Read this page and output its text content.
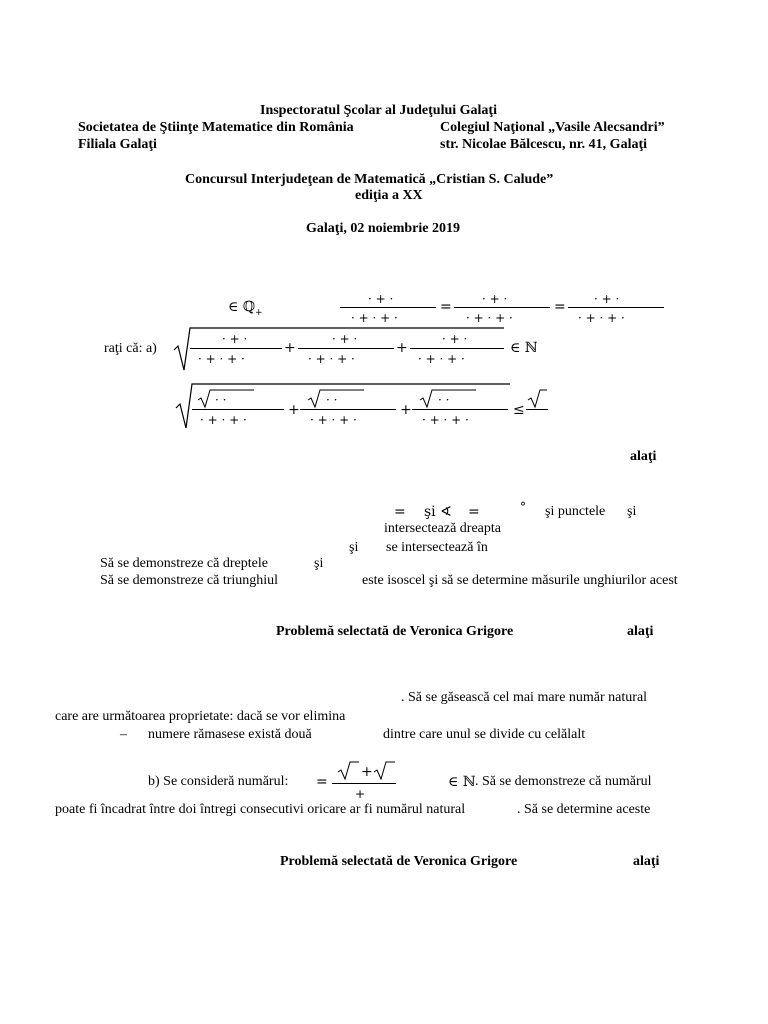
Inspectoratul Şcolar al Judeţului Galaţi
Societatea de Ştiinţe Matematice din România	Colegiul Naţional „Vasile Alecsandri”
Filiala Galaţi	str. Nicolae Bălcescu, nr. 41, Galaţi
Concursul Interjudeţean de Matematică „Cristian S. Calude”
ediţia a XX
Galaţi, 02 noiembrie 2019
∈ ℚ$_+$
· + ·
· + · + ·
=	· + ·
· + · + ·
= · + ·
· + · + ·
raţi că: a)
· + ·
· + · + ·
+
· + ·
· + · + ·
+
· + ·
· + · + ·
∈ ℕ
· ·
· + · + ·
+
· ·
· + · + ·
+
· ·
· + · + ·
≤
alaţi
= şi ∢ =	° şi punctele şi
intersectează dreapta
şi se intersectează în
Să se demonstreze că dreptele	şi
Să se demonstreze că triunghiul	este isoscel şi să se determine măsurile unghiurilor acest
Problemă selectată de Veronica Grigore	alaţi
. Să se găsească cel mai mare număr natural
care are următoarea proprietate: dacă se vor elimina
– numere rămasese există două	dintre care unul se divide cu celălalt
b) Se consideră numărul: =
+
+
∈ ℕ . Să se demonstreze că numărul
poate fi încadrat între doi întregi consecutivi oricare ar fi numărul natural	. Să se determine aceste
Problemă selectată de Veronica Grigore	alaţi
